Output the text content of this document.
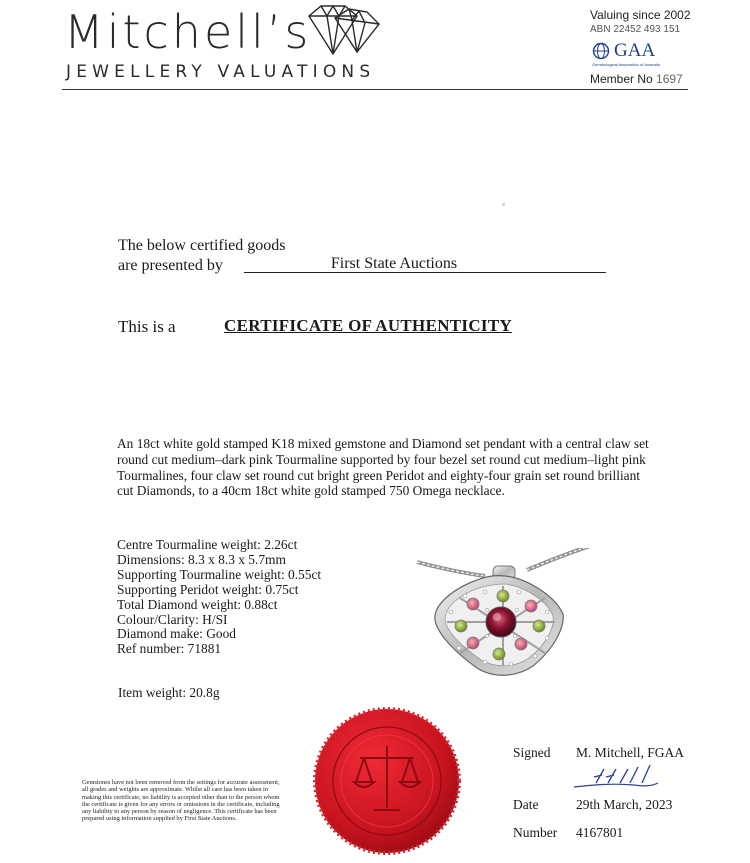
Mitchell’s
JEWELLERY VALUATIONS
Valuing since 2002
ABN 22452 493 151
GAA
Gemmological Association of Australia
Member No 1697
The below certified goods
are presented by	First State Auctions
This is a	CERTIFICATE OF AUTHENTICITY
An 18ct white gold stamped K18 mixed gemstone and Diamond set pendant with a central claw set round cut medium–dark pink Tourmaline supported by four bezel set round cut medium–light pink Tourmalines, four claw set round cut bright green Peridot and eighty-four grain set round brilliant cut Diamonds, to a 40cm 18ct white gold stamped 750 Omega necklace.
Centre Tourmaline weight: 2.26ct
Dimensions: 8.3 x 8.3 x 5.7mm
Supporting Tourmaline weight: 0.55ct
Supporting Peridot weight: 0.75ct
Total Diamond weight: 0.88ct
Colour/Clarity: H/SI
Diamond make: Good
Ref number: 71881
Item weight: 20.8g
Gemstones have not been removed from the settings for accurate assessment, all grades and weights are approximate. Whilst all care has been taken in making this certificate, no liability is accepted other than to the person whom the certificate is given for any errors or omissions in the certificate, including any liability to any person by reason of negligence. This certificate has been prepared using information supplied by First State Auctions.
Signed M. Mitchell, FGAA
Date	29th March, 2023
Number 4167801
